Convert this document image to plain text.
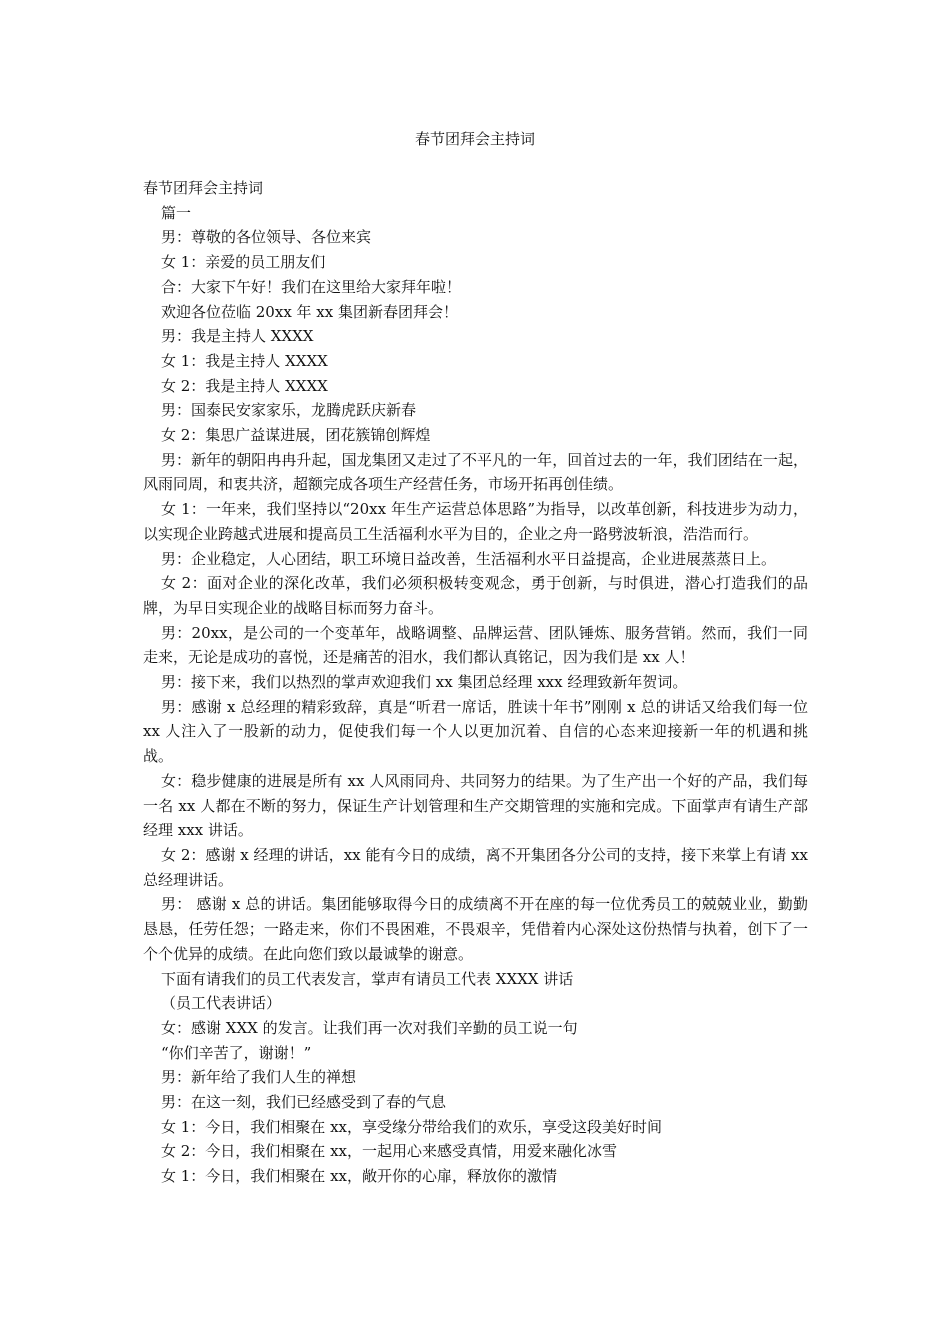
春节团拜会主持词

春节团拜会主持词

篇一

男：尊敬的各位领导、各位来宾

女 1：亲爱的员工朋友们

合：大家下午好！我们在这里给大家拜年啦！

欢迎各位莅临 20xx 年 xx 集团新春团拜会！

男：我是主持人 XXXX

女 1：我是主持人 XXXX

女 2：我是主持人 XXXX

男：国泰民安家家乐，龙腾虎跃庆新春

女 2：集思广益谋进展，团花簇锦创辉煌

男：新年的朝阳冉冉升起，国龙集团又走过了不平凡的一年，回首过去的一年，我们团结在一起，风雨同周，和衷共济，超额完成各项生产经营任务，市场开拓再创佳绩。

女 1：一年来，我们坚持以“20xx 年生产运营总体思路”为指导，以改革创新，科技进步为动力，以实现企业跨越式进展和提高员工生活福利水平为目的，企业之舟一路劈波斩浪，浩浩而行。

男：企业稳定，人心团结，职工环境日益改善，生活福利水平日益提高，企业进展蒸蒸日上。

女 2：面对企业的深化改革，我们必须积极转变观念，勇于创新，与时俱进，潜心打造我们的品牌，为早日实现企业的战略目标而努力奋斗。

男：20xx，是公司的一个变革年，战略调整、品牌运营、团队锤炼、服务营销。然而，我们一同走来，无论是成功的喜悦，还是痛苦的泪水，我们都认真铭记，因为我们是 xx 人！

男：接下来，我们以热烈的掌声欢迎我们 xx 集团总经理 xxx 经理致新年贺词。

男：感谢 x 总经理的精彩致辞，真是“听君一席话，胜读十年书”刚刚 x 总的讲话又给我们每一位 xx 人注入了一股新的动力，促使我们每一个人以更加沉着、自信的心态来迎接新一年的机遇和挑战。

女：稳步健康的进展是所有 xx 人风雨同舟、共同努力的结果。为了生产出一个好的产品，我们每一名 xx 人都在不断的努力，保证生产计划管理和生产交期管理的实施和完成。下面掌声有请生产部经理 xxx 讲话。

女 2：感谢 x 经理的讲话，xx 能有今日的成绩，离不开集团各分公司的支持，接下来掌上有请 xx 总经理讲话。

男： 感谢 x 总的讲话。集团能够取得今日的成绩离不开在座的每一位优秀员工的兢兢业业，勤勤恳恳，任劳任怨；一路走来，你们不畏困难，不畏艰辛，凭借着内心深处这份热情与执着，创下了一个个优异的成绩。在此向您们致以最诚挚的谢意。

下面有请我们的员工代表发言，掌声有请员工代表 XXXX 讲话

（员工代表讲话）

女：感谢 XXX 的发言。让我们再一次对我们辛勤的员工说一句

“你们辛苦了，谢谢！”

男：新年给了我们人生的禅想

男：在这一刻，我们已经感受到了春的气息

女 1：今日，我们相聚在 xx，享受缘分带给我们的欢乐，享受这段美好时间

女 2：今日，我们相聚在 xx，一起用心来感受真情，用爱来融化冰雪

女 1：今日，我们相聚在 xx，敞开你的心扉，释放你的激情
